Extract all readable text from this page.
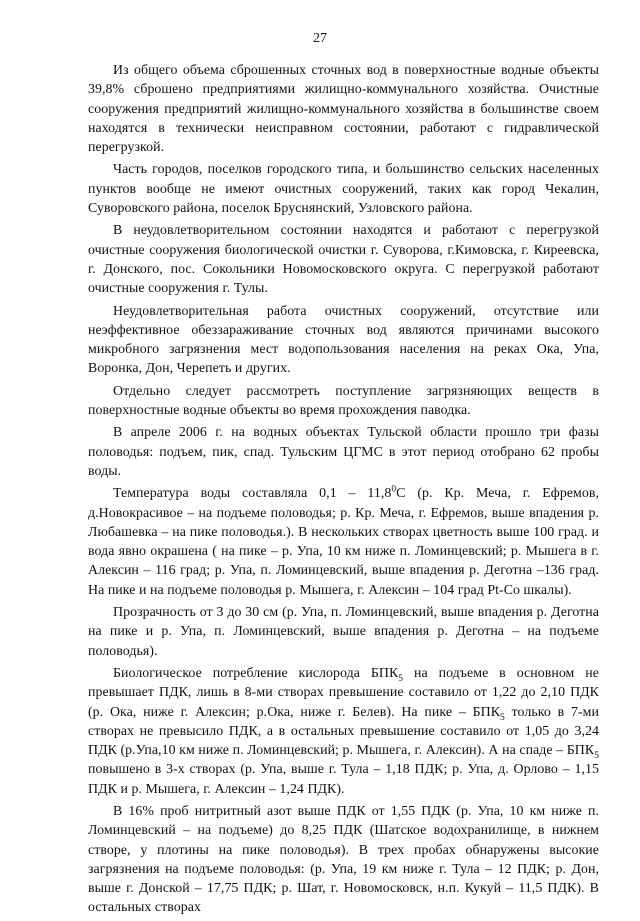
27

Из общего объема сброшенных сточных вод в поверхностные водные объекты 39,8% сброшено предприятиями жилищно-коммунального хозяйства. Очистные сооружения предприятий жилищно-коммунального хозяйства в большинстве своем находятся в технически неисправном состоянии, работают с гидравлической перегрузкой.

Часть городов, поселков городского типа, и большинство сельских населенных пунктов вообще не имеют очистных сооружений, таких как город Чекалин, Суворовского района, поселок Бруснянский, Узловского района.

В неудовлетворительном состоянии находятся и работают с перегрузкой очистные сооружения биологической очистки г. Суворова, г.Кимовска, г. Киреевска, г. Донского, пос. Сокольники Новомосковского округа. С перегрузкой работают очистные сооружения г. Тулы.

Неудовлетворительная работа очистных сооружений, отсутствие или неэффективное обеззараживание сточных вод являются причинами высокого микробного загрязнения мест водопользования населения на реках Ока, Упа, Воронка, Дон, Черепеть и других.

Отдельно следует рассмотреть поступление загрязняющих веществ в поверхностные водные объекты во время прохождения паводка.

В апреле 2006 г. на водных объектах Тульской области прошло три фазы половодья: подъем, пик, спад. Тульским ЦГМС в этот период отобрано 62 пробы воды.

Температура воды составляла 0,1 – 11,8$^0$С (р. Кр. Меча, г. Ефремов, д.Новокрасивое – на подъеме половодья; р. Кр. Меча, г. Ефремов, выше впадения р. Любашевка – на пике половодья.). В нескольких створах цветность выше 100 град. и вода явно окрашена ( на пике – р. Упа, 10 км ниже п. Ломинцевский; р. Мышега в г. Алексин – 116 град; р. Упа, п. Ломинцевский, выше впадения р. Деготна –136 град. На пике и на подъеме половодья р. Мышега, г. Алексин – 104 град Pt-Co шкалы).

Прозрачность от 3 до 30 см (р. Упа, п. Ломинцевский, выше впадения р. Деготна на пике и р. Упа, п. Ломинцевский, выше впадения р. Деготна – на подъеме половодья).

Биологическое потребление кислорода $БПК_5$ на подъеме в основном не превышает ПДК, лишь в 8-ми створах превышение составило от 1,22 до 2,10 ПДК (р. Ока, ниже г. Алексин; р.Ока, ниже г. Белев). На пике – $БПК_5$ только в 7-ми створах не превысило ПДК, а в остальных превышение составило от 1,05 до 3,24 ПДК (р.Упа,10 км ниже п. Ломинцевский; р. Мышега, г. Алексин). А на спаде – $БПК_5$ повышено в 3-х створах (р. Упа, выше г. Тула – 1,18 ПДК; р. Упа, д. Орлово – 1,15 ПДК и р. Мышега, г. Алексин – 1,24 ПДК).

В 16% проб нитритный азот выше ПДК от 1,55 ПДК (р. Упа, 10 км ниже п. Ломинцевский – на подъеме) до 8,25 ПДК (Шатское водохранилище, в нижнем створе, у плотины на пике половодья). В трех пробах обнаружены высокие загрязнения на подъеме половодья: (р. Упа, 19 км ниже г. Тула – 12 ПДК; р. Дон, выше г. Донской – 17,75 ПДК; р. Шат, г. Новомосковск, н.п. Кукуй – 11,5 ПДК). В остальных створах
